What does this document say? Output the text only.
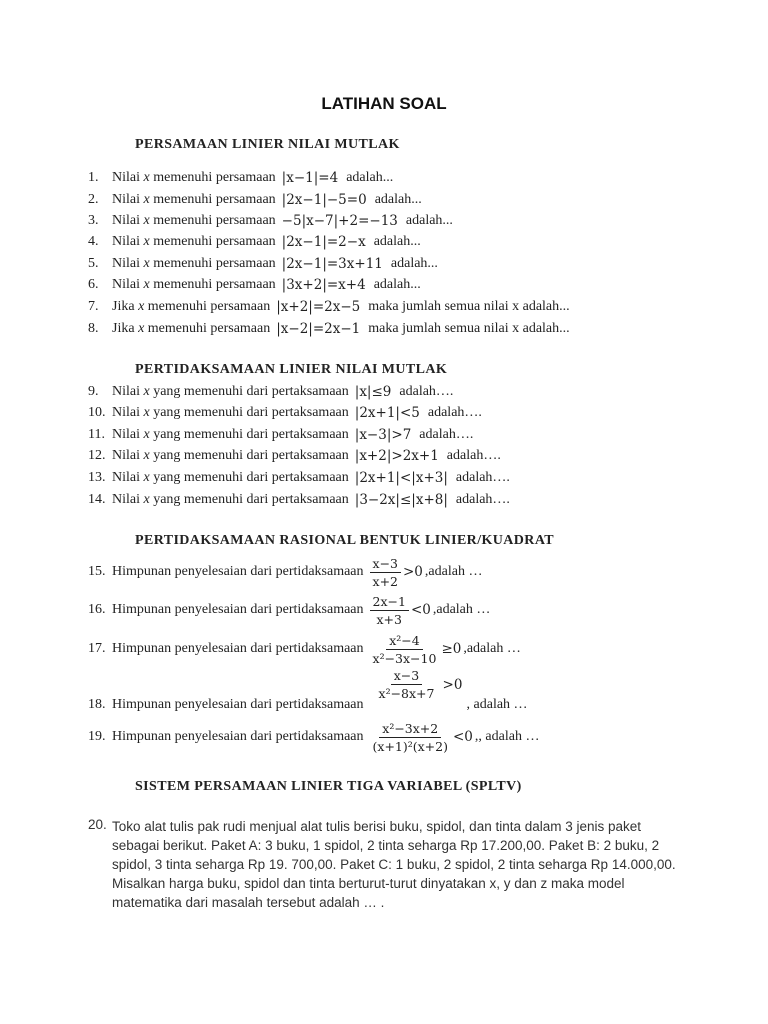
LATIHAN SOAL
PERSAMAAN LINIER NILAI MUTLAK
1. Nilai
x
memenuhi persamaan |x−1|=4 adalah...
2. Nilai
x
memenuhi persamaan |2x−1|−5=0 adalah...
3. Nilai
x
memenuhi persamaan −5|x−7|+2=−13 adalah...
4. Nilai
x
memenuhi persamaan |2x−1|=2−x adalah...
5. Nilai
x
memenuhi persamaan |2x−1|=3x+11 adalah...
6. Nilai
x
memenuhi persamaan |3x+2|=x+4 adalah...
7. Jika
x
memenuhi persamaan |x+2|=2x−5 maka jumlah semua nilai x adalah...
8. Jika
x
memenuhi persamaan |x−2|=2x−1 maka jumlah semua nilai x adalah...
PERTIDAKSAMAAN LINIER NILAI MUTLAK
9. Nilai
x
yang memenuhi dari pertaksamaan |x|≤9 adalah….
10. Nilai
x
yang memenuhi dari pertaksamaan |2x+1|<5 adalah….
11. Nilai
x
yang memenuhi dari pertaksamaan |x−3|>7 adalah….
12. Nilai
x
yang memenuhi dari pertaksamaan |x+2|>2x+1 adalah….
13. Nilai
x
yang memenuhi dari pertaksamaan |2x+1|<|x+3| adalah….
14. Nilai
x
yang memenuhi dari pertaksamaan |3−2x|≤|x+8| adalah….
PERTIDAKSAMAAN RASIONAL BENTUK LINIER/KUADRAT
15. Himpunan penyelesaian dari pertidaksamaan $\frac{x-3}{x+2} >0$ ,adalah …
16. Himpunan penyelesaian dari pertidaksamaan $\frac{2x-1}{x+3} <0$ ,adalah …
17. Himpunan penyelesaian dari pertidaksamaan $\frac{\text{x²−4}}{\text{x²−3x−10}} \ge 0$ ,adalah …
18. Himpunan penyelesaian dari pertidaksamaan
$\frac{x-3}{\text{x²−8x+7}} >0$
, adalah …
19. Himpunan penyelesaian dari pertidaksamaan $\frac{\text{x²−3x+2}}{\text{(x+1)²(x+2)}} <0$ ,, adalah …
SISTEM PERSAMAAN LINIER TIGA VARIABEL (SPLTV)
20. Toko alat tulis pak rudi menjual alat tulis berisi buku, spidol, dan tinta dalam 3 jenis paket sebagai berikut. Paket A: 3 buku, 1 spidol, 2 tinta seharga Rp 17.200,00. Paket B: 2 buku, 2 spidol, 3 tinta seharga Rp 19. 700,00. Paket C: 1 buku, 2 spidol, 2 tinta seharga Rp 14.000,00. Misalkan harga buku, spidol dan tinta berturut-turut dinyatakan x, y dan z maka model matematika dari masalah tersebut adalah … .
